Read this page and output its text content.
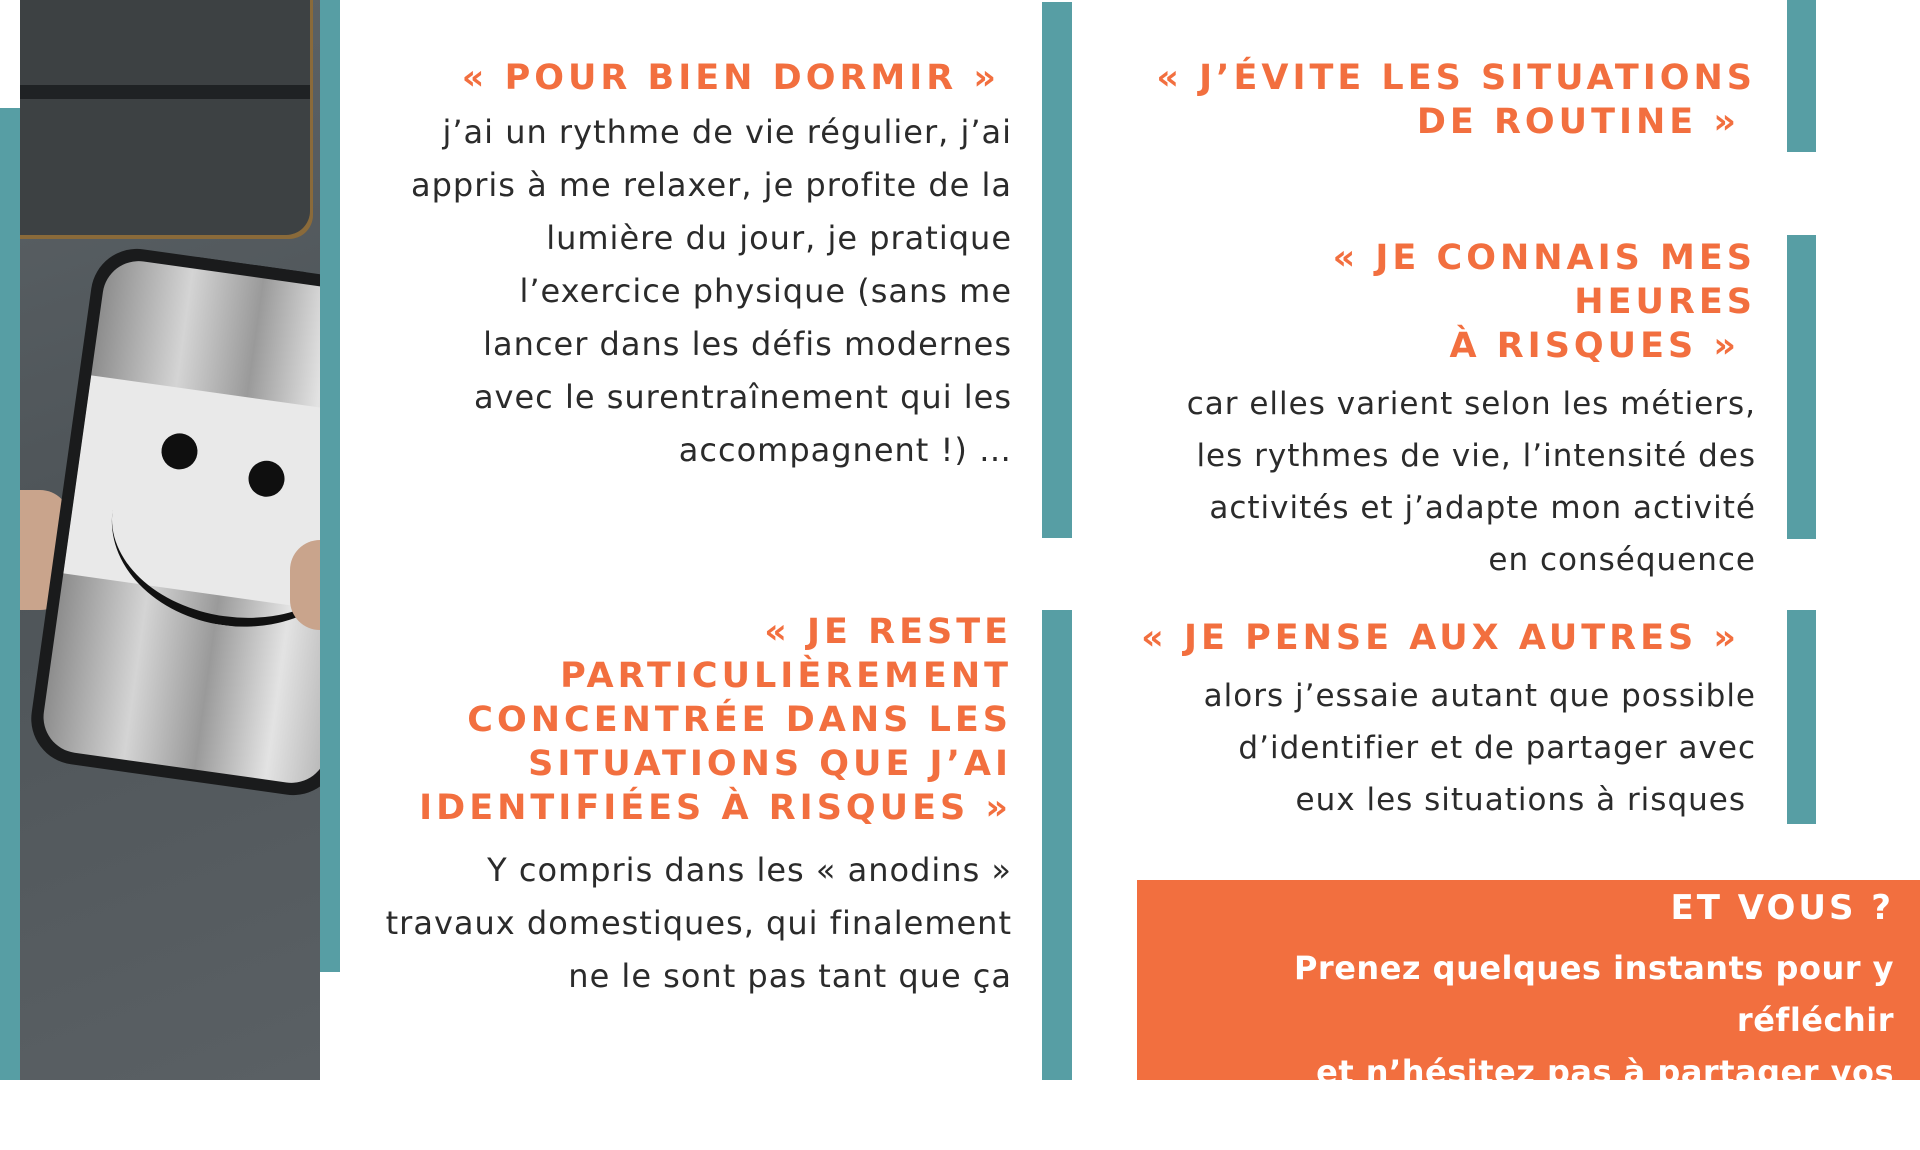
« POUR BIEN DORMIR »

j’ai un rythme de vie régulier, j’ai

appris à me relaxer, je profite de la

lumière du jour, je pratique

l’exercice physique (sans me

lancer dans les défis modernes

avec le surentraînement qui les

accompagnent !) …

« JE RESTE

PARTICULIÈREMENT

CONCENTRÉE DANS LES

SITUATIONS QUE J’AI

IDENTIFIÉES À RISQUES »

Y compris dans les « anodins »

travaux domestiques, qui finalement

ne le sont pas tant que ça

« J’ÉVITE LES SITUATIONS

DE ROUTINE »

« JE CONNAIS MES HEURES

À RISQUES »

car elles varient selon les métiers,

les rythmes de vie, l’intensité des

activités et j’adapte mon activité

en conséquence

« JE PENSE AUX AUTRES »

alors j’essaie autant que possible

d’identifier et de partager avec

eux les situations à risques

ET VOUS ?

Prenez quelques instants pour y réfléchir

et n’hésitez pas à partager vos remèdes …
